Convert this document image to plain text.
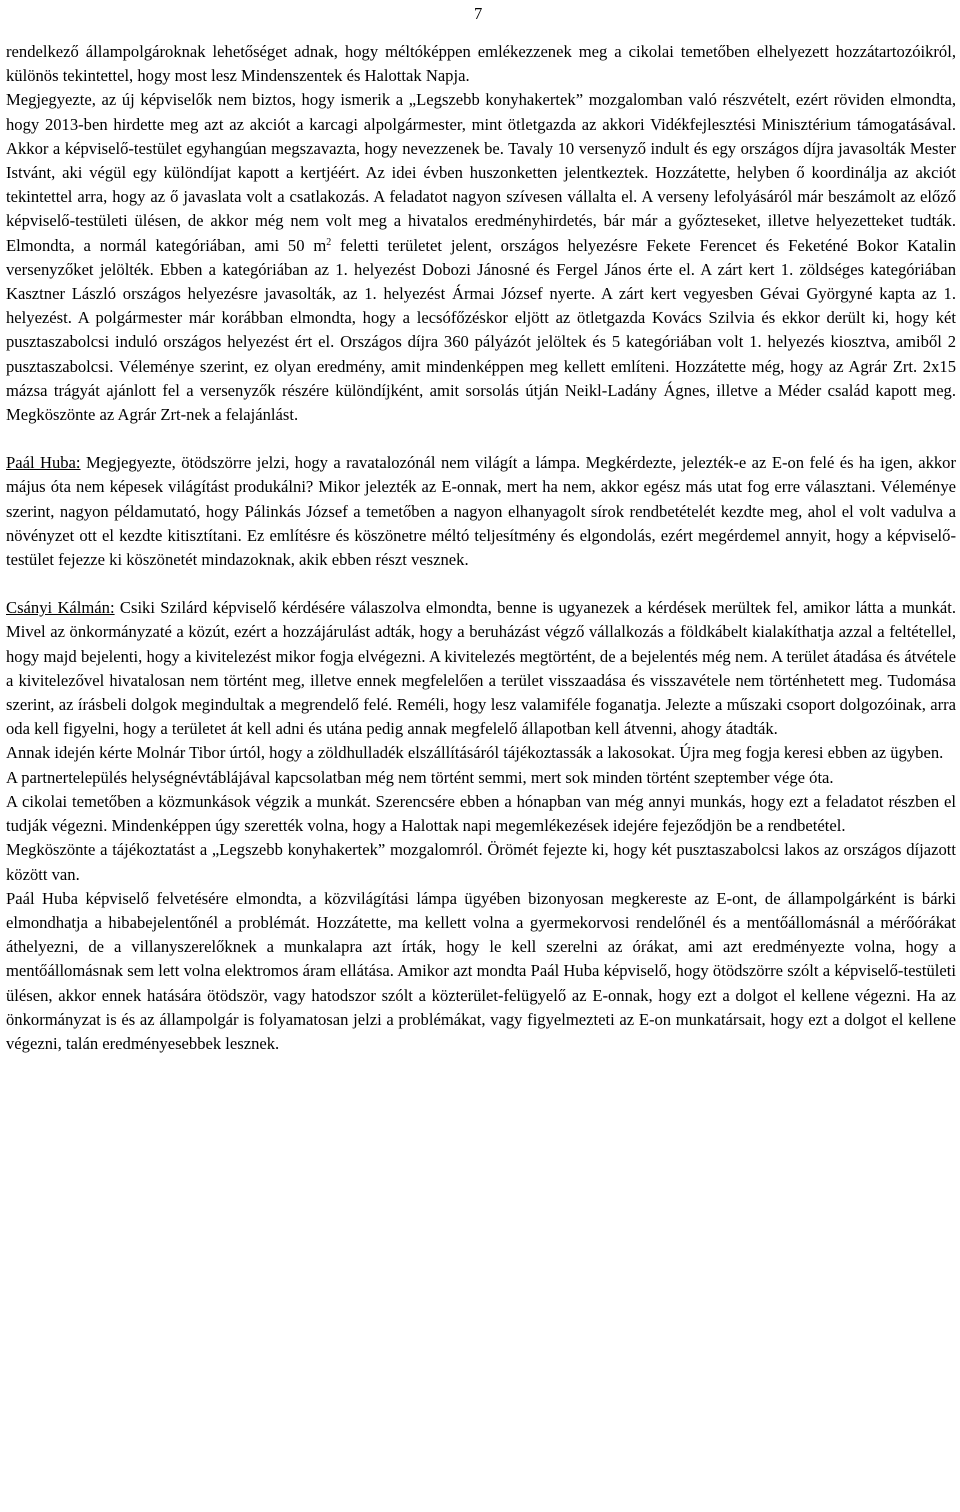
7

rendelkező állampolgároknak lehetőséget adnak, hogy méltóképpen emlékezzenek meg a cikolai temetőben elhelyezett hozzátartozóikról, különös tekintettel, hogy most lesz Mindenszentek és Halottak Napja.

Megjegyezte, az új képviselők nem biztos, hogy ismerik a „Legszebb konyhakertek” mozgalomban való részvételt, ezért röviden elmondta, hogy 2013-ben hirdette meg azt az akciót a karcagi alpolgármester, mint ötletgazda az akkori Vidékfejlesztési Minisztérium támogatásával. Akkor a képviselő-testület egyhangúan megszavazta, hogy nevezzenek be. Tavaly 10 versenyző indult és egy országos díjra javasolták Mester Istvánt, aki végül egy különdíjat kapott a kertjéért. Az idei évben huszonketten jelentkeztek. Hozzátette, helyben ő koordinálja az akciót tekintettel arra, hogy az ő javaslata volt a csatlakozás. A feladatot nagyon szívesen vállalta el. A verseny lefolyásáról már beszámolt az előző képviselő-testületi ülésen, de akkor még nem volt meg a hivatalos eredményhirdetés, bár már a győzteseket, illetve helyezetteket tudták. Elmondta, a normál kategóriában, ami 50 $m^2$ feletti területet jelent, országos helyezésre Fekete Ferencet és Feketéné Bokor Katalin versenyzőket jelölték. Ebben a kategóriában az 1. helyezést Dobozi Jánosné és Fergel János érte el. A zárt kert 1. zöldséges kategóriában Kasztner László országos helyezésre javasolták, az 1. helyezést Ármai József nyerte. A zárt kert vegyesben Gévai Györgyné kapta az 1. helyezést. A polgármester már korábban elmondta, hogy a lecsófőzéskor eljött az ötletgazda Kovács Szilvia és ekkor derült ki, hogy két pusztaszabolcsi induló országos helyezést ért el. Országos díjra 360 pályázót jelöltek és 5 kategóriában volt 1. helyezés kiosztva, amiből 2 pusztaszabolcsi. Véleménye szerint, ez olyan eredmény, amit mindenképpen meg kellett említeni. Hozzátette még, hogy az Agrár Zrt. 2x15 mázsa trágyát ajánlott fel a versenyzők részére különdíjként, amit sorsolás útján Neikl-Ladány Ágnes, illetve a Méder család kapott meg. Megköszönte az Agrár Zrt-nek a felajánlást.

Paál Huba: Megjegyezte, ötödszörre jelzi, hogy a ravatalozónál nem világít a lámpa. Megkérdezte, jelezték-e az E-on felé és ha igen, akkor május óta nem képesek világítást produkálni? Mikor jelezték az E-onnak, mert ha nem, akkor egész más utat fog erre választani. Véleménye szerint, nagyon példamutató, hogy Pálinkás József a temetőben a nagyon elhanyagolt sírok rendbetételét kezdte meg, ahol el volt vadulva a növényzet ott el kezdte kitisztítani. Ez említésre és köszönetre méltó teljesítmény és elgondolás, ezért megérdemel annyit, hogy a képviselő-testület fejezze ki köszönetét mindazoknak, akik ebben részt vesznek.

Csányi Kálmán: Csiki Szilárd képviselő kérdésére válaszolva elmondta, benne is ugyanezek a kérdések merültek fel, amikor látta a munkát. Mivel az önkormányzaté a közút, ezért a hozzájárulást adták, hogy a beruházást végző vállalkozás a földkábelt kialakíthatja azzal a feltétellel, hogy majd bejelenti, hogy a kivitelezést mikor fogja elvégezni. A kivitelezés megtörtént, de a bejelentés még nem. A terület átadása és átvétele a kivitelezővel hivatalosan nem történt meg, illetve ennek megfelelően a terület visszaadása és visszavétele nem történhetett meg. Tudomása szerint, az írásbeli dolgok megindultak a megrendelő felé. Reméli, hogy lesz valamiféle foganatja. Jelezte a műszaki csoport dolgozóinak, arra oda kell figyelni, hogy a területet át kell adni és utána pedig annak megfelelő állapotban kell átvenni, ahogy átadták.

Annak idején kérte Molnár Tibor úrtól, hogy a zöldhulladék elszállításáról tájékoztassák a lakosokat. Újra meg fogja keresi ebben az ügyben.

A partnertelepülés helységnévtáblájával kapcsolatban még nem történt semmi, mert sok minden történt szeptember vége óta.

A cikolai temetőben a közmunkások végzik a munkát. Szerencsére ebben a hónapban van még annyi munkás, hogy ezt a feladatot részben el tudják végezni. Mindenképpen úgy szerették volna, hogy a Halottak napi megemlékezések idejére fejeződjön be a rendbetétel.

Megköszönte a tájékoztatást a „Legszebb konyhakertek” mozgalomról. Örömét fejezte ki, hogy két pusztaszabolcsi lakos az országos díjazott között van.

Paál Huba képviselő felvetésére elmondta, a közvilágítási lámpa ügyében bizonyosan megkereste az E-ont, de állampolgárként is bárki elmondhatja a hibabejelentőnél a problémát. Hozzátette, ma kellett volna a gyermekorvosi rendelőnél és a mentőállomásnál a mérőórákat áthelyezni, de a villanyszerelőknek a munkalapra azt írták, hogy le kell szerelni az órákat, ami azt eredményezte volna, hogy a mentőállomásnak sem lett volna elektromos áram ellátása. Amikor azt mondta Paál Huba képviselő, hogy ötödszörre szólt a képviselő-testületi ülésen, akkor ennek hatására ötödször, vagy hatodszor szólt a közterület-felügyelő az E-onnak, hogy ezt a dolgot el kellene végezni. Ha az önkormányzat is és az állampolgár is folyamatosan jelzi a problémákat, vagy figyelmezteti az E-on munkatársait, hogy ezt a dolgot el kellene végezni, talán eredményesebbek lesznek.
